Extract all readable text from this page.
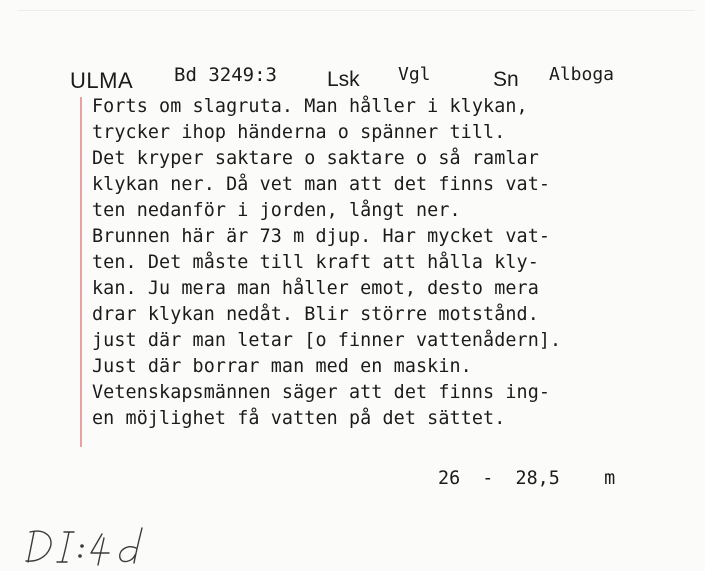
ULMA Bd 3249:3 Lsk Vgl	Sn Alboga
Forts om slagruta. Man håller i klykan,
trycker ihop händerna o spänner till.
Det kryper saktare o saktare o så ramlar
klykan ner. Då vet man att det finns vat-
ten nedanför i jorden, långt ner.
Brunnen här är 73 m djup. Har mycket vat-
ten. Det måste till kraft att hålla kly-
kan. Ju mera man håller emot, desto mera
drar klykan nedåt. Blir större motstånd.
just där man letar [o finner vattenådern].
Just där borrar man med en maskin.
Vetenskapsmännen säger att det finns ing-
en möjlighet få vatten på det sättet.
26  -  28,5    m
